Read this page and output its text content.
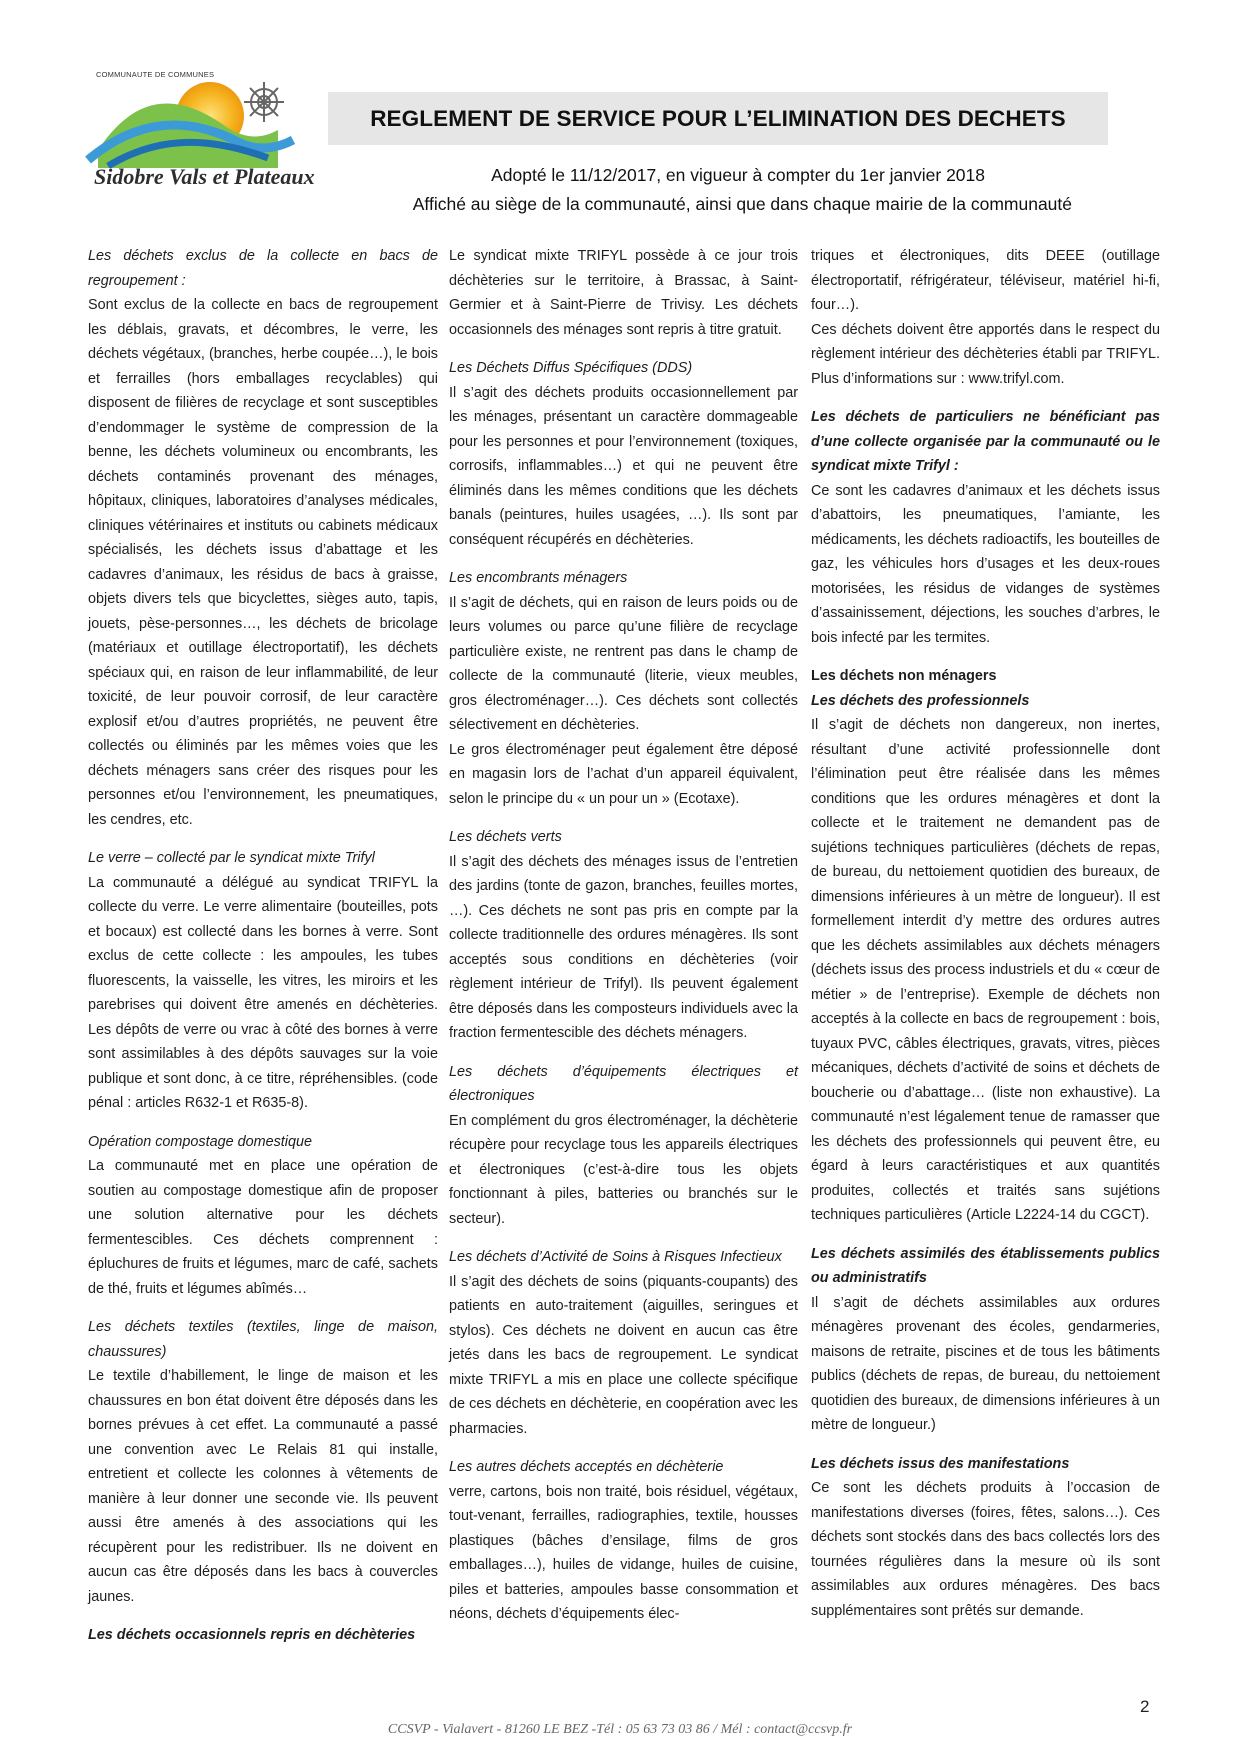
COMMUNAUTE DE COMMUNES
Sidobre Vals et Plateaux
REGLEMENT DE SERVICE POUR L’ELIMINATION DES DECHETS
Adopté le 11/12/2017, en vigueur à compter du 1er janvier 2018
Affiché au siège de la communauté, ainsi que dans chaque mairie de la communauté

Les déchets exclus de la collecte en bacs de regroupement :

Sont exclus de la collecte en bacs de regroupement les déblais, gravats, et décombres, le verre, les déchets végétaux, (branches, herbe coupée…), le bois et ferrailles (hors emballages recyclables) qui disposent de filières de recyclage et sont susceptibles d’endommager le système de compression de la benne, les déchets volumineux ou encombrants, les déchets contaminés provenant des ménages, hôpitaux, cliniques, laboratoires d’analyses médicales, cliniques vétérinaires et instituts ou cabinets médicaux spécialisés, les déchets issus d’abattage et les cadavres d’animaux, les résidus de bacs à graisse, objets divers tels que bicyclettes, sièges auto, tapis, jouets, pèse-personnes…, les déchets de bricolage (matériaux et outillage électroportatif), les déchets spéciaux qui, en raison de leur inflammabilité, de leur toxicité, de leur pouvoir corrosif, de leur caractère explosif et/ou d’autres propriétés, ne peuvent être collectés ou éliminés par les mêmes voies que les déchets ménagers sans créer des risques pour les personnes et/ou l’environnement, les pneumatiques, les cendres, etc.

Le verre – collecté par le syndicat mixte Trifyl

La communauté a délégué au syndicat TRIFYL la collecte du verre. Le verre alimentaire (bouteilles, pots et bocaux) est collecté dans les bornes à verre. Sont exclus de cette collecte : les ampoules, les tubes fluorescents, la vaisselle, les vitres, les miroirs et les parebrises qui doivent être amenés en déchèteries. Les dépôts de verre ou vrac à côté des bornes à verre sont assimilables à des dépôts sauvages sur la voie publique et sont donc, à ce titre, répréhensibles. (code pénal : articles R632-1 et R635-8).

Opération compostage domestique

La communauté met en place une opération de soutien au compostage domestique afin de proposer une solution alternative pour les déchets fermentescibles. Ces déchets comprennent : épluchures de fruits et légumes, marc de café, sachets de thé, fruits et légumes abîmés…

Les déchets textiles (textiles, linge de maison, chaussures)

Le textile d’habillement, le linge de maison et les chaussures en bon état doivent être déposés dans les bornes prévues à cet effet. La communauté a passé une convention avec Le Relais 81 qui installe, entretient et collecte les colonnes à vêtements de manière à leur donner une seconde vie. Ils peuvent aussi être amenés à des associations qui les récupèrent pour les redistribuer. Ils ne doivent en aucun cas être déposés dans les bacs à couvercles jaunes.

Les déchets occasionnels repris en déchèteries

Le syndicat mixte TRIFYL possède à ce jour trois déchèteries sur le territoire, à Brassac, à Saint-Germier et à Saint-Pierre de Trivisy. Les déchets occasionnels des ménages sont repris à titre gratuit.

Les Déchets Diffus Spécifiques (DDS)

Il s’agit des déchets produits occasionnellement par les ménages, présentant un caractère dommageable pour les personnes et pour l’environnement (toxiques, corrosifs, inflammables…) et qui ne peuvent être éliminés dans les mêmes conditions que les déchets banals (peintures, huiles usagées, …). Ils sont par conséquent récupérés en déchèteries.

Les encombrants ménagers

Il s’agit de déchets, qui en raison de leurs poids ou de leurs volumes ou parce qu’une filière de recyclage particulière existe, ne rentrent pas dans le champ de collecte de la communauté (literie, vieux meubles, gros électroménager…). Ces déchets sont collectés sélectivement en déchèteries.

Le gros électroménager peut également être déposé en magasin lors de l’achat d’un appareil équivalent, selon le principe du « un pour un » (Ecotaxe).

Les déchets verts

Il s’agit des déchets des ménages issus de l’entretien des jardins (tonte de gazon, branches, feuilles mortes, …). Ces déchets ne sont pas pris en compte par la collecte traditionnelle des ordures ménagères. Ils sont acceptés sous conditions en déchèteries (voir règlement intérieur de Trifyl). Ils peuvent également être déposés dans les composteurs individuels avec la fraction fermentescible des déchets ménagers.

Les déchets d’équipements électriques et électroniques

En complément du gros électroménager, la déchèterie récupère pour recyclage tous les appareils électriques et électroniques (c’est-à-dire tous les objets fonctionnant à piles, batteries ou branchés sur le secteur).

Les déchets d’Activité de Soins à Risques Infectieux

Il s’agit des déchets de soins (piquants-coupants) des patients en auto-traitement (aiguilles, seringues et stylos). Ces déchets ne doivent en aucun cas être jetés dans les bacs de regroupement. Le syndicat mixte TRIFYL a mis en place une collecte spécifique de ces déchets en déchèterie, en coopération avec les pharmacies.

Les autres déchets acceptés en déchèterie

verre, cartons, bois non traité, bois résiduel, végétaux, tout-venant, ferrailles, radiographies, textile, housses plastiques (bâches d’ensilage, films de gros emballages…), huiles de vidange, huiles de cuisine, piles et batteries, ampoules basse consommation et néons, déchets d’équipements élec-

triques et électroniques, dits DEEE (outillage électroportatif, réfrigérateur, téléviseur, matériel hi-fi, four…).

Ces déchets doivent être apportés dans le respect du règlement intérieur des déchèteries établi par TRIFYL. Plus d’informations sur : www.trifyl.com.

Les déchets de particuliers ne bénéficiant pas d’une collecte organisée par la communauté ou le syndicat mixte Trifyl :

Ce sont les cadavres d’animaux et les déchets issus d’abattoirs, les pneumatiques, l’amiante, les médicaments, les déchets radioactifs, les bouteilles de gaz, les véhicules hors d’usages et les deux-roues motorisées, les résidus de vidanges de systèmes d’assainissement, déjections, les souches d’arbres, le bois infecté par les termites.

Les déchets non ménagers

Les déchets des professionnels

Il s’agit de déchets non dangereux, non inertes, résultant d’une activité professionnelle dont l’élimination peut être réalisée dans les mêmes conditions que les ordures ménagères et dont la collecte et le traitement ne demandent pas de sujétions techniques particulières (déchets de repas, de bureau, du nettoiement quotidien des bureaux, de dimensions inférieures à un mètre de longueur). Il est formellement interdit d’y mettre des ordures autres que les déchets assimilables aux déchets ménagers (déchets issus des process industriels et du « cœur de métier » de l’entreprise). Exemple de déchets non acceptés à la collecte en bacs de regroupement : bois, tuyaux PVC, câbles électriques, gravats, vitres, pièces mécaniques, déchets d’activité de soins et déchets de boucherie ou d’abattage… (liste non exhaustive). La communauté n’est légalement tenue de ramasser que les déchets des professionnels qui peuvent être, eu égard à leurs caractéristiques et aux quantités produites, collectés et traités sans sujétions techniques particulières (Article L2224-14 du CGCT).

Les déchets assimilés des établissements publics ou administratifs

Il s’agit de déchets assimilables aux ordures ménagères provenant des écoles, gendarmeries, maisons de retraite, piscines et de tous les bâtiments publics (déchets de repas, de bureau, du nettoiement quotidien des bureaux, de dimensions inférieures à un mètre de longueur.)

Les déchets issus des manifestations

Ce sont les déchets produits à l’occasion de manifestations diverses (foires, fêtes, salons…). Ces déchets sont stockés dans des bacs collectés lors des tournées régulières dans la mesure où ils sont assimilables aux ordures ménagères. Des bacs supplémentaires sont prêtés sur demande.

2
CCSVP - Vialavert - 81260 LE BEZ -Tél : 05 63 73 03 86 / Mél : contact@ccsvp.fr
